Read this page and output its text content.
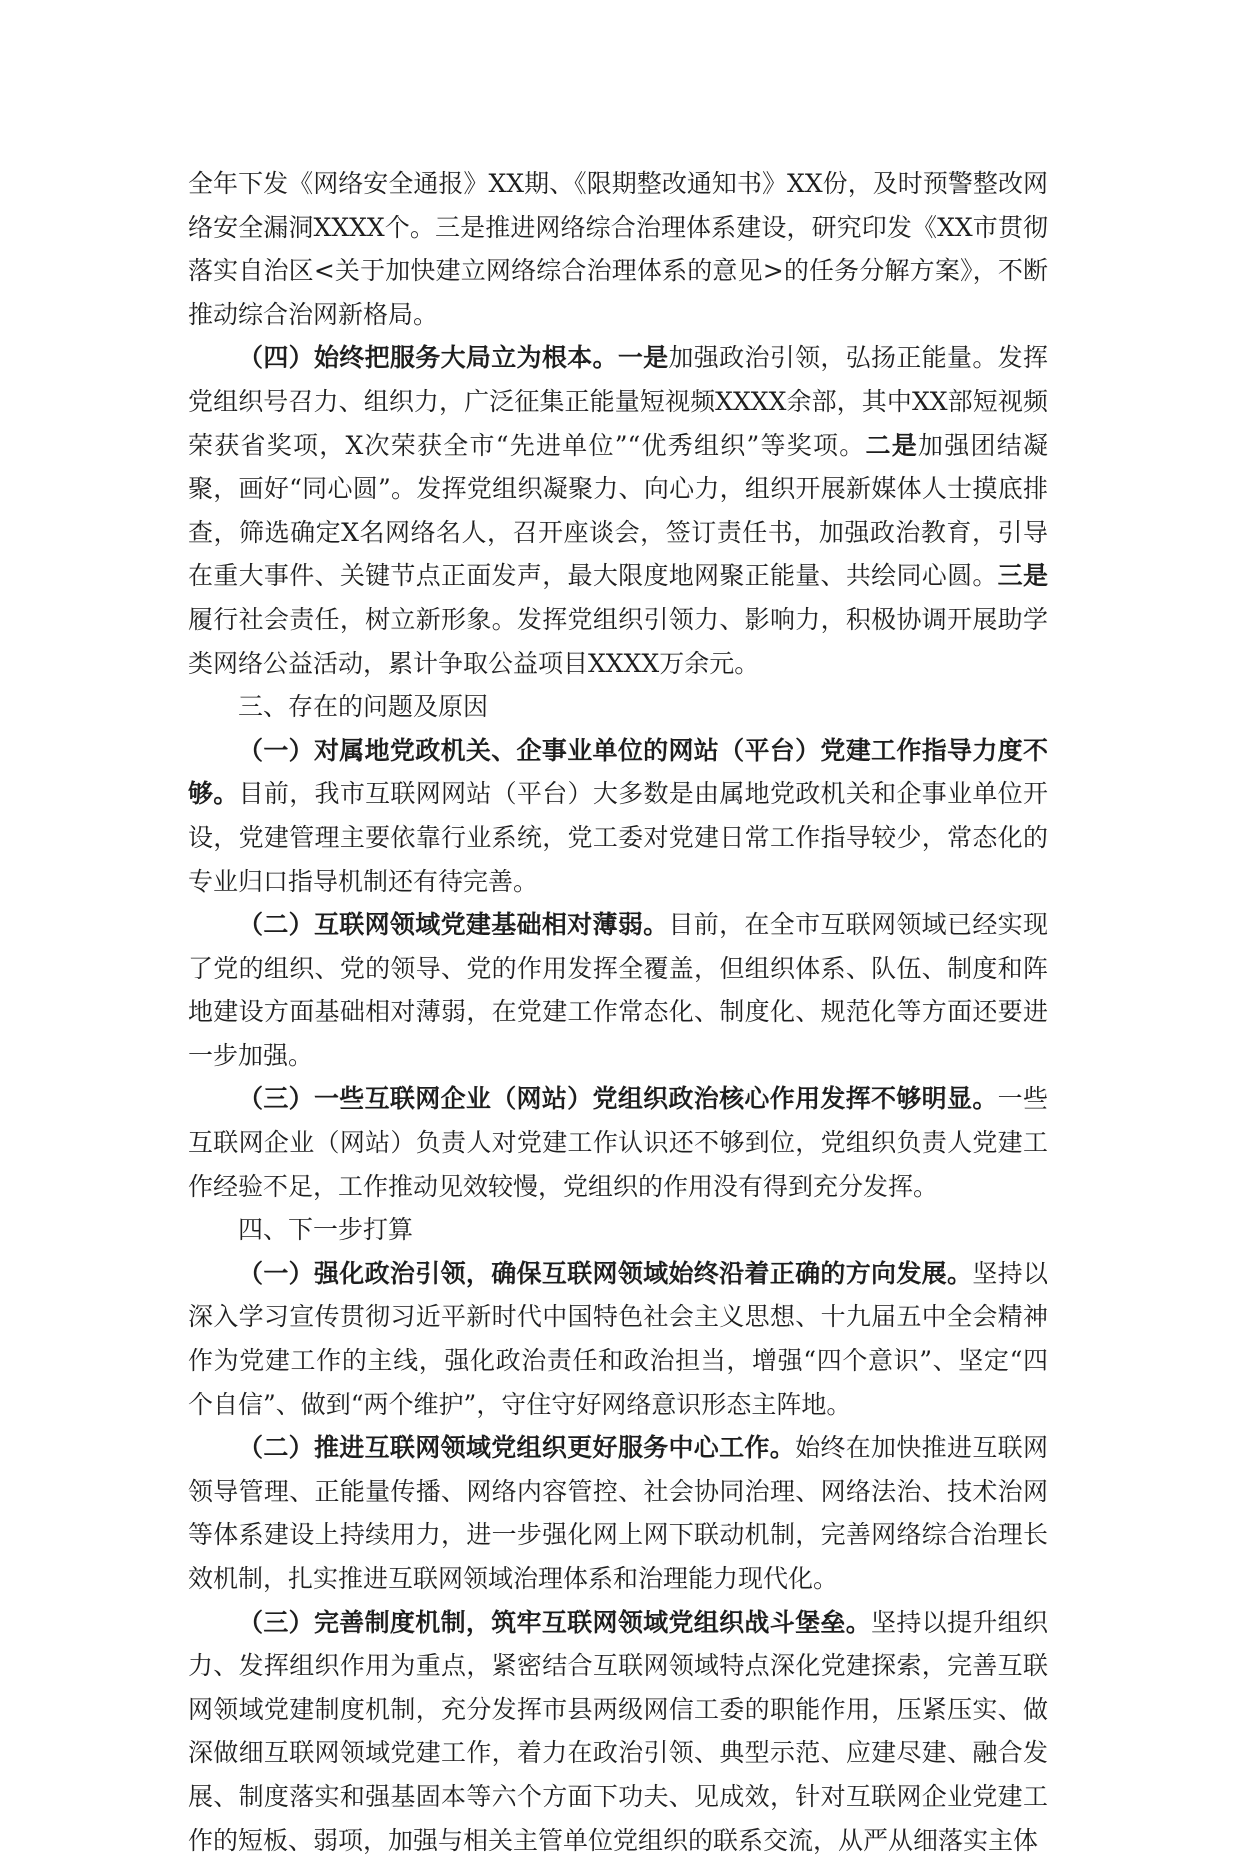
全年下发《网络安全通报》XX期、《限期整改通知书》XX份，及时预警整改网络安全漏洞XXXX个。三是推进网络综合治理体系建设，研究印发《XX市贯彻落实自治区<关于加快建立网络综合治理体系的意见>的任务分解方案》，不断推动综合治网新格局。

（四）始终把服务大局立为根本。一是加强政治引领，弘扬正能量。发挥党组织号召力、组织力，广泛征集正能量短视频XXXX余部，其中XX部短视频荣获省奖项，X次荣获全市“先进单位”“优秀组织”等奖项。二是加强团结凝聚，画好“同心圆”。发挥党组织凝聚力、向心力，组织开展新媒体人士摸底排查，筛选确定X名网络名人，召开座谈会，签订责任书，加强政治教育，引导在重大事件、关键节点正面发声，最大限度地网聚正能量、共绘同心圆。三是履行社会责任，树立新形象。发挥党组织引领力、影响力，积极协调开展助学类网络公益活动，累计争取公益项目XXXX万余元。

三、存在的问题及原因

（一）对属地党政机关、企事业单位的网站（平台）党建工作指导力度不够。目前，我市互联网网站（平台）大多数是由属地党政机关和企事业单位开设，党建管理主要依靠行业系统，党工委对党建日常工作指导较少，常态化的专业归口指导机制还有待完善。

（二）互联网领域党建基础相对薄弱。目前，在全市互联网领域已经实现了党的组织、党的领导、党的作用发挥全覆盖，但组织体系、队伍、制度和阵地建设方面基础相对薄弱，在党建工作常态化、制度化、规范化等方面还要进一步加强。

（三）一些互联网企业（网站）党组织政治核心作用发挥不够明显。一些互联网企业（网站）负责人对党建工作认识还不够到位，党组织负责人党建工作经验不足，工作推动见效较慢，党组织的作用没有得到充分发挥。

四、下一步打算

（一）强化政治引领，确保互联网领域始终沿着正确的方向发展。坚持以深入学习宣传贯彻习近平新时代中国特色社会主义思想、十九届五中全会精神作为党建工作的主线，强化政治责任和政治担当，增强“四个意识”、坚定“四个自信”、做到“两个维护”，守住守好网络意识形态主阵地。

（二）推进互联网领域党组织更好服务中心工作。始终在加快推进互联网领导管理、正能量传播、网络内容管控、社会协同治理、网络法治、技术治网等体系建设上持续用力，进一步强化网上网下联动机制，完善网络综合治理长效机制，扎实推进互联网领域治理体系和治理能力现代化。

（三）完善制度机制，筑牢互联网领域党组织战斗堡垒。坚持以提升组织力、发挥组织作用为重点，紧密结合互联网领域特点深化党建探索，完善互联网领域党建制度机制，充分发挥市县两级网信工委的职能作用，压紧压实、做深做细互联网领域党建工作，着力在政治引领、典型示范、应建尽建、融合发展、制度落实和强基固本等六个方面下功夫、见成效，针对互联网企业党建工作的短板、弱项，加强与相关主管单位党组织的联系交流，从严从细落实主体
